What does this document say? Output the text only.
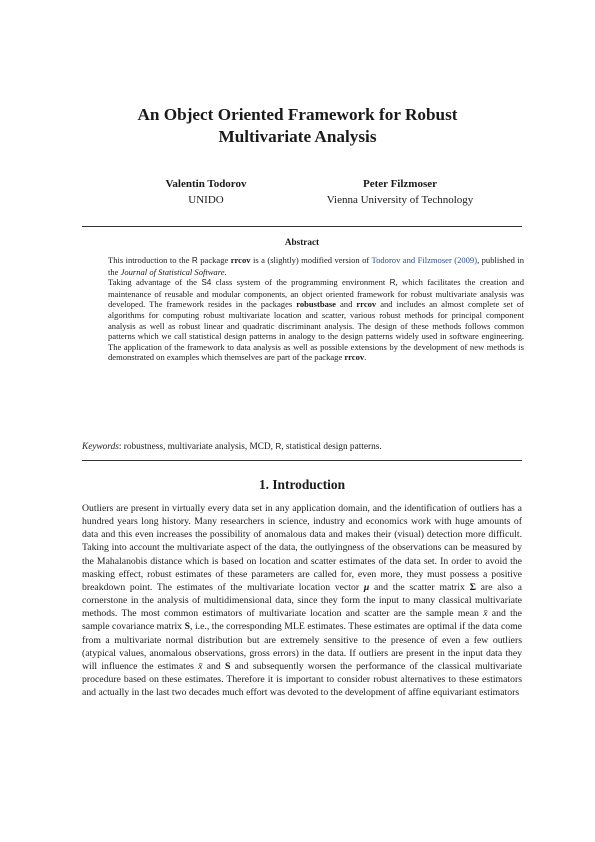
An Object Oriented Framework for Robust
Multivariate Analysis
Valentin Todorov
UNIDO
Peter Filzmoser
Vienna University of Technology
Abstract

This introduction to the R package rrcov is a (slightly) modified version of Todorov and Filzmoser (2009), published in the Journal of Statistical Software.

Taking advantage of the S4 class system of the programming environment R, which facilitates the creation and maintenance of reusable and modular components, an object oriented framework for robust multivariate analysis was developed. The framework resides in the packages robustbase and rrcov and includes an almost complete set of algorithms for computing robust multivariate location and scatter, various robust methods for principal component analysis as well as robust linear and quadratic discriminant analysis. The design of these methods follows common patterns which we call statistical design patterns in analogy to the design patterns widely used in software engineering. The application of the framework to data analysis as well as possible extensions by the development of new methods is demonstrated on examples which themselves are part of the package rrcov.

Keywords: robustness, multivariate analysis, MCD, R, statistical design patterns.
1. Introduction

Outliers are present in virtually every data set in any application domain, and the identification of outliers has a hundred years long history. Many researchers in science, industry and economics work with huge amounts of data and this even increases the possibility of anomalous data and makes their (visual) detection more difficult. Taking into account the multivariate aspect of the data, the outlyingness of the observations can be measured by the Mahalanobis distance which is based on location and scatter estimates of the data set. In order to avoid the masking effect, robust estimates of these parameters are called for, even more, they must possess a positive breakdown point. The estimates of the multivariate location vector μ and the scatter matrix Σ are also a cornerstone in the analysis of multidimensional data, since they form the input to many classical multivariate methods. The most common estimators of multivariate location and scatter are the sample mean x̄ and the sample covariance matrix S, i.e., the corresponding MLE estimates. These estimates are optimal if the data come from a multivariate normal distribution but are extremely sensitive to the presence of even a few outliers (atypical values, anomalous observations, gross errors) in the data. If outliers are present in the input data they will influence the estimates x̄ and S and subsequently worsen the performance of the classical multivariate procedure based on these estimates. Therefore it is important to consider robust alternatives to these estimators and actually in the last two decades much effort was devoted to the development of affine equivariant estimators
